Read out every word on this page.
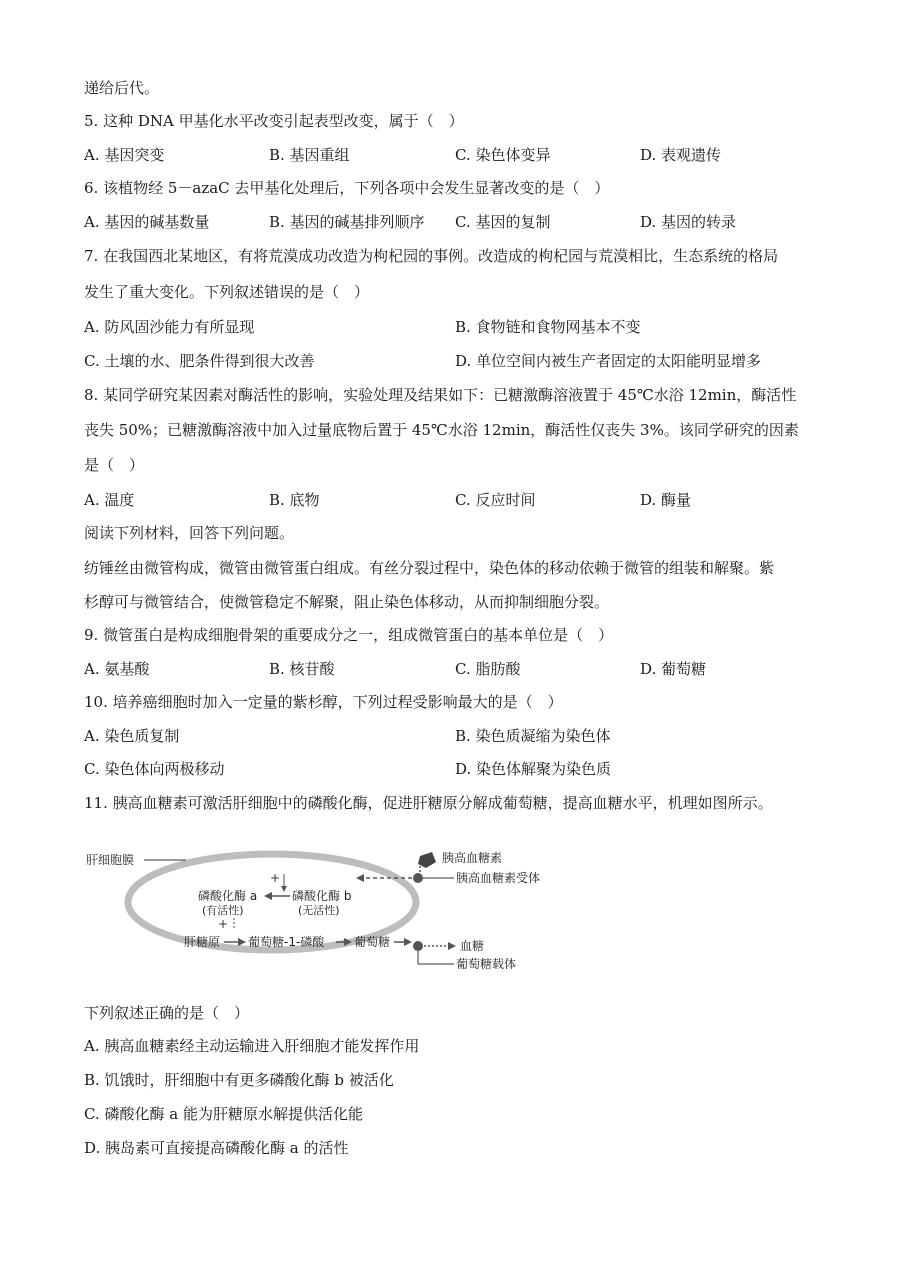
递给后代。
5. 这种 DNA 甲基化水平改变引起表型改变，属于（　）
A. 基因突变	B. 基因重组	C. 染色体变异	D. 表观遗传
6. 该植物经 5－azaC 去甲基化处理后，下列各项中会发生显著改变的是（　）
A. 基因的碱基数量	B. 基因的碱基排列顺序 C. 基因的复制	D. 基因的转录
7. 在我国西北某地区，有将荒漠成功改造为枸杞园的事例。改造成的枸杞园与荒漠相比，生态系统的格局
发生了重大变化。下列叙述错误的是（　）
A. 防风固沙能力有所显现	B. 食物链和食物网基本不变
C. 土壤的水、肥条件得到很大改善	D. 单位空间内被生产者固定的太阳能明显增多
8. 某同学研究某因素对酶活性的影响，实验处理及结果如下：已糖激酶溶液置于 45℃水浴 12min，酶活性
丧失 50%；已糖激酶溶液中加入过量底物后置于 45℃水浴 12min，酶活性仅丧失 3%。该同学研究的因素
是（　）
A. 温度	B. 底物	C. 反应时间	D. 酶量
阅读下列材料，回答下列问题。
纺锤丝由微管构成，微管由微管蛋白组成。有丝分裂过程中，染色体的移动依赖于微管的组装和解聚。紫
杉醇可与微管结合，使微管稳定不解聚，阻止染色体移动，从而抑制细胞分裂。
9. 微管蛋白是构成细胞骨架的重要成分之一，组成微管蛋白的基本单位是（　）
A. 氨基酸	B. 核苷酸	C. 脂肪酸	D. 葡萄糖
10. 培养癌细胞时加入一定量的紫杉醇，下列过程受影响最大的是（　）
A. 染色质复制	B. 染色质凝缩为染色体
C. 染色体向两极移动	D. 染色体解聚为染色质
11. 胰高血糖素可激活肝细胞中的磷酸化酶，促进肝糖原分解成葡萄糖，提高血糖水平，机理如图所示。
肝细胞膜	胰高血糖素
胰高血糖素受体
+
磷酸化酶 a
(有活性)
磷酸化酶 b
(无活性)
+
肝糖原 葡萄糖-1-磷酸 葡萄糖	血糖
葡萄糖载体
下列叙述正确的是（　）
A. 胰高血糖素经主动运输进入肝细胞才能发挥作用
B. 饥饿时，肝细胞中有更多磷酸化酶 b 被活化
C. 磷酸化酶 a 能为肝糖原水解提供活化能
D. 胰岛素可直接提高磷酸化酶 a 的活性
